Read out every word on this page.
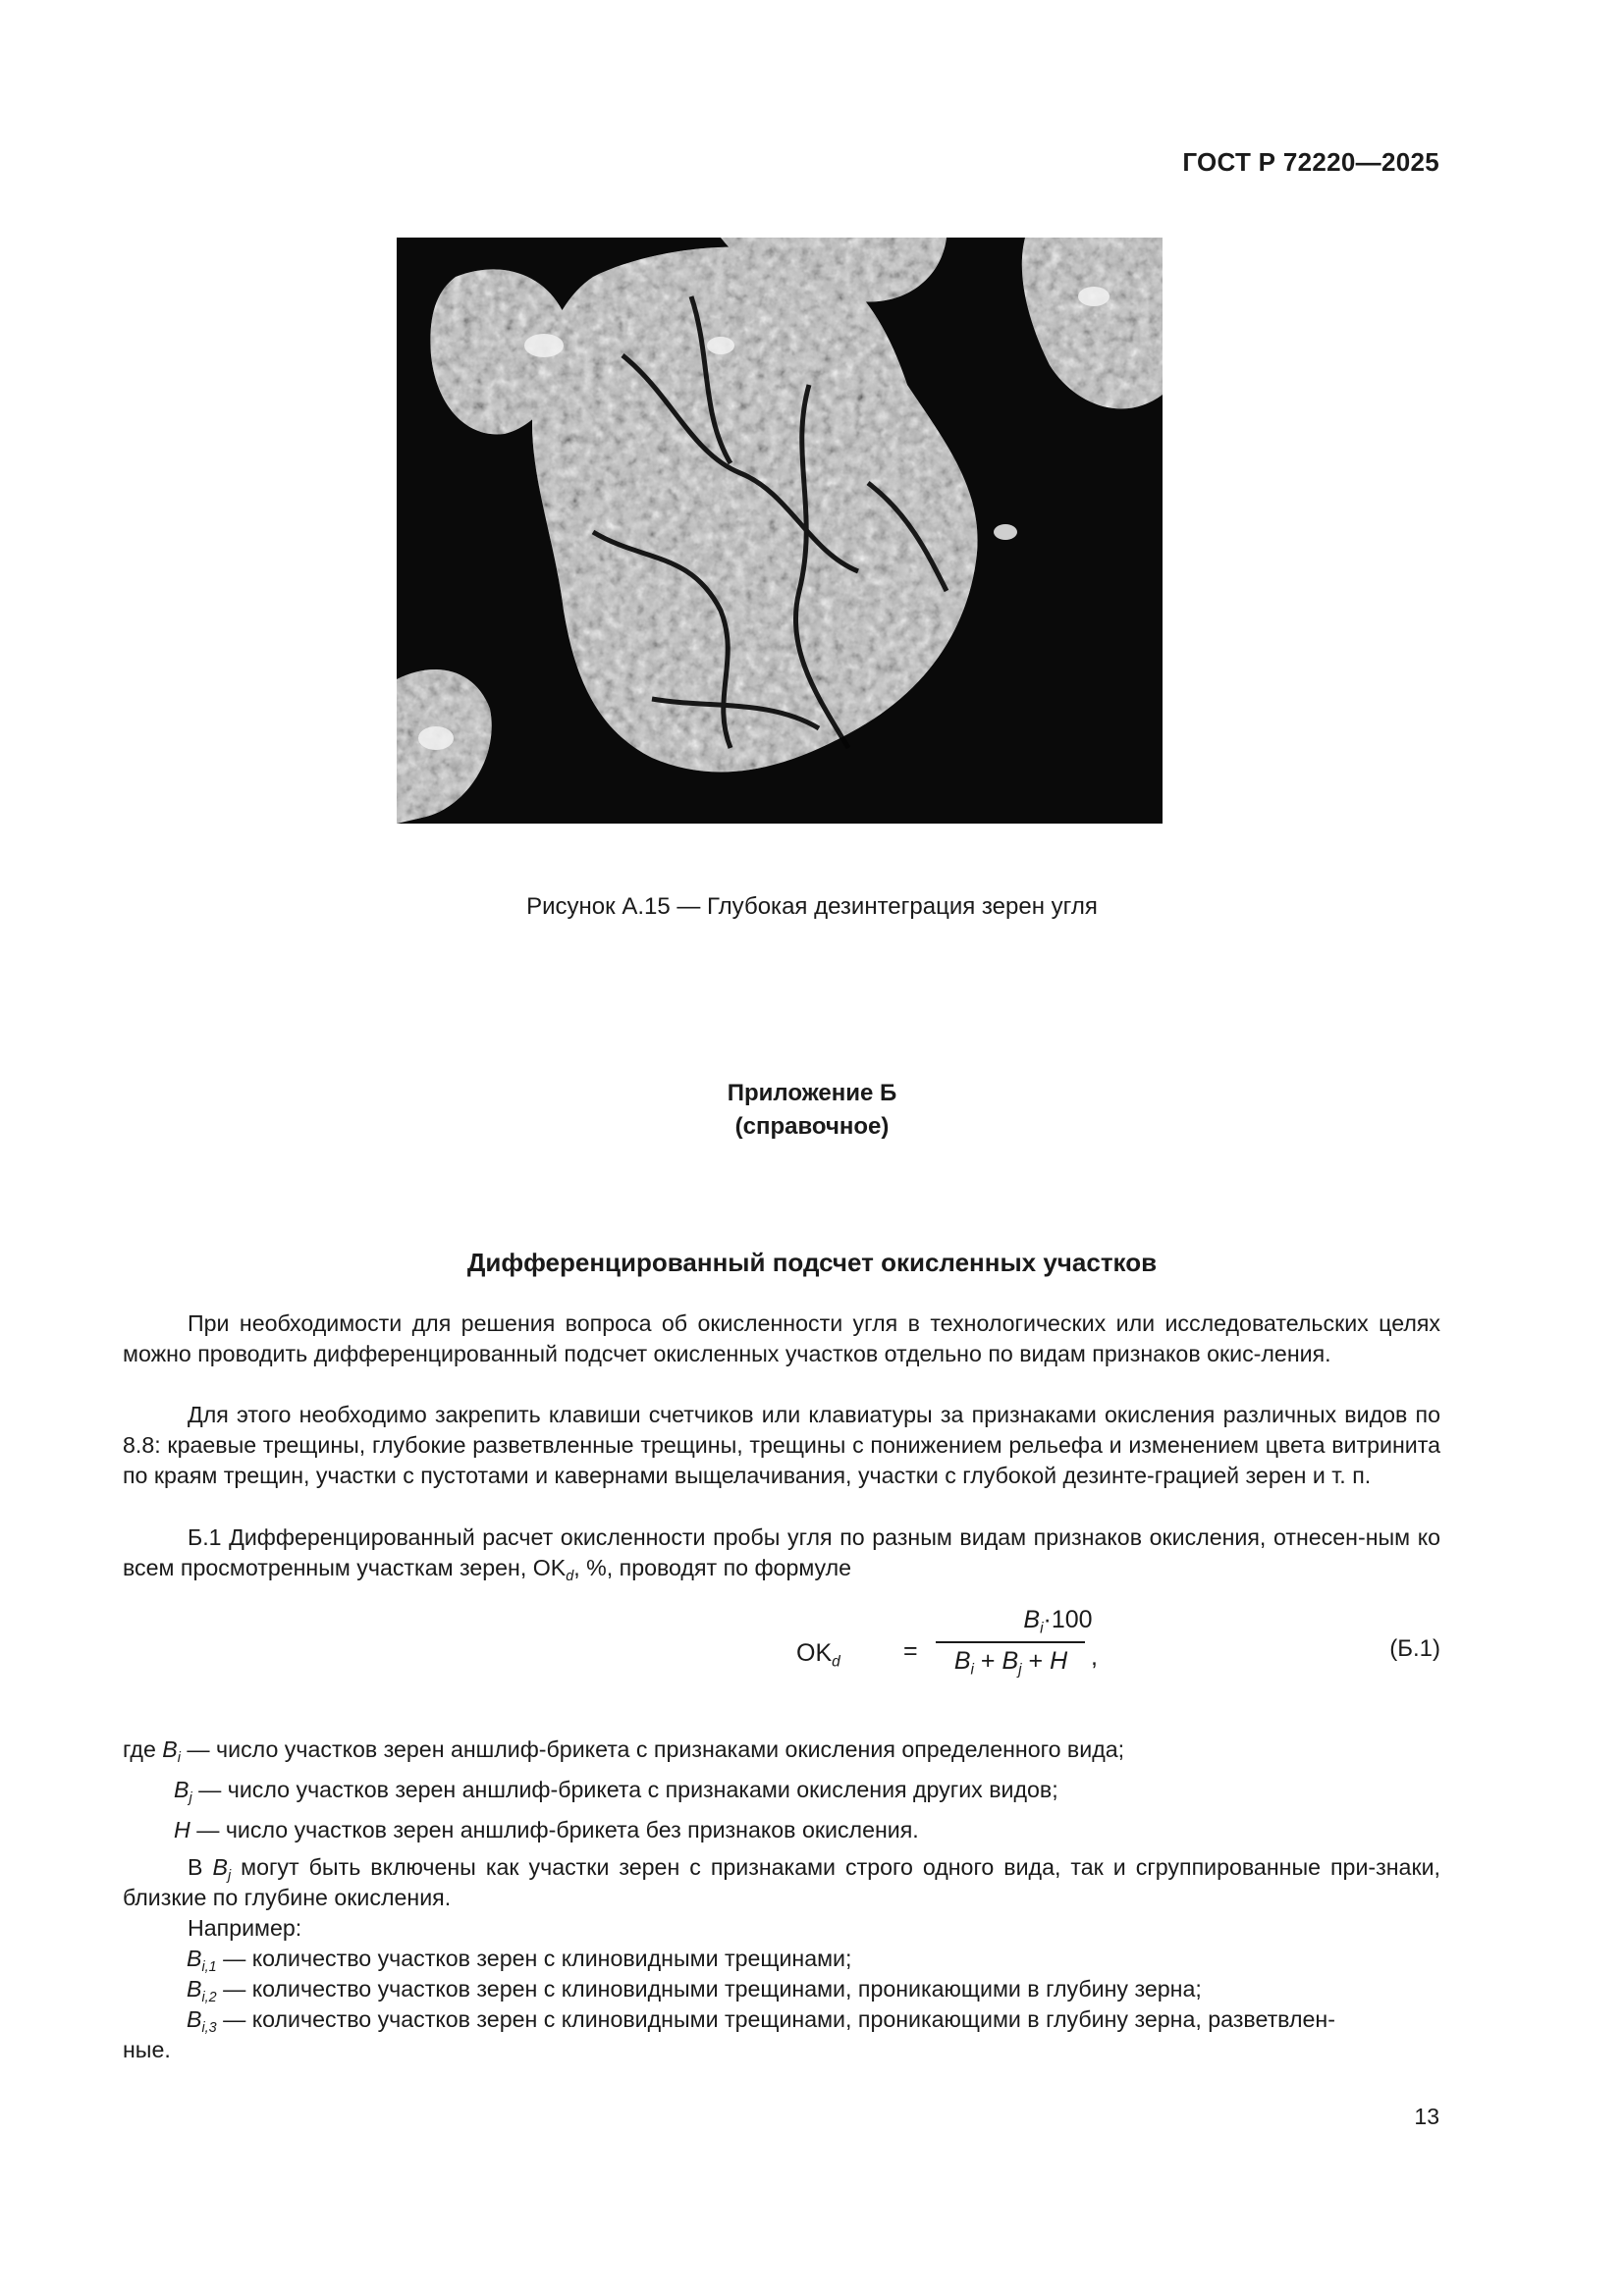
ГОСТ Р 72220—2025
Рисунок А.15 — Глубокая дезинтеграция зерен угля
Приложение Б
(справочное)
Дифференцированный подсчет окисленных участков
При необходимости для решения вопроса об окисленности угля в технологических или исследовательских целях можно проводить дифференцированный подсчет окисленных участков отдельно по видам признаков окис-ления.
Для этого необходимо закрепить клавиши счетчиков или клавиатуры за признаками окисления различных видов по 8.8: краевые трещины, глубокие разветвленные трещины, трещины с понижением рельефа и изменением цвета витринита по краям трещин, участки с пустотами и кавернами выщелачивания, участки с глубокой дезинте-грацией зерен и т. п.
Б.1 Дифференцированный расчет окисленности пробы угля по разным видам признаков окисления, отнесен-ным ко всем просмотренным участкам зерен, $OK_d$, %, проводят по формуле
$OK_d$	=
$B_i\cdot 100$
$B_i + B_j + H$ ,	(Б.1)
где $B_i$ — число участков зерен аншлиф-брикета с признаками окисления определенного вида;
$B_j$ — число участков зерен аншлиф-брикета с признаками окисления других видов;
H — число участков зерен аншлиф-брикета без признаков окисления.
В $B_j$ могут быть включены как участки зерен с признаками строго одного вида, так и сгруппированные при-знаки, близкие по глубине окисления.
Например:
$B_{i,1}$ — количество участков зерен с клиновидными трещинами;
$B_{i,2}$ — количество участков зерен с клиновидными трещинами, проникающими в глубину зерна;
$B_{i,3}$ — количество участков зерен с клиновидными трещинами, проникающими в глубину зерна, разветвлен-
ные.
13
